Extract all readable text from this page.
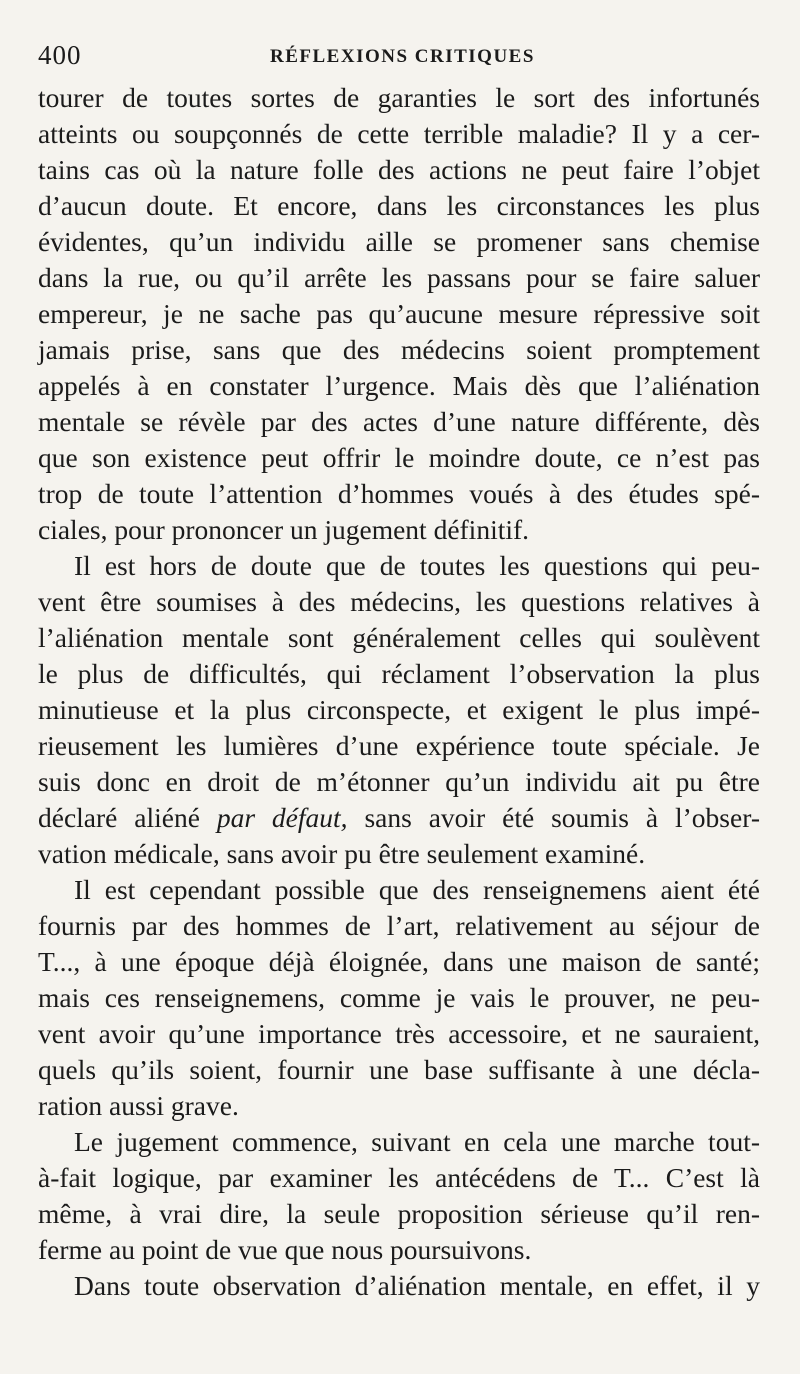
400	RÉFLEXIONS CRITIQUES
tourer de toutes sortes de garanties le sort des infortunés
atteints ou soupçonnés de cette terrible maladie? Il y a cer-
tains cas où la nature folle des actions ne peut faire l’objet
d’aucun doute. Et encore, dans les circonstances les plus
évidentes, qu’un individu aille se promener sans chemise
dans la rue, ou qu’il arrête les passans pour se faire saluer
empereur, je ne sache pas qu’aucune mesure répressive soit
jamais prise, sans que des médecins soient promptement
appelés à en constater l’urgence. Mais dès que l’aliénation
mentale se révèle par des actes d’une nature différente, dès
que son existence peut offrir le moindre doute, ce n’est pas
trop de toute l’attention d’hommes voués à des études spé-
ciales, pour prononcer un jugement définitif.
Il est hors de doute que de toutes les questions qui peu-
vent être soumises à des médecins, les questions relatives à
l’aliénation mentale sont généralement celles qui soulèvent
le plus de difficultés, qui réclament l’observation la plus
minutieuse et la plus circonspecte, et exigent le plus impé-
rieusement les lumières d’une expérience toute spéciale. Je
suis donc en droit de m’étonner qu’un individu ait pu être
déclaré aliéné par défaut, sans avoir été soumis à l’obser-
vation médicale, sans avoir pu être seulement examiné.
Il est cependant possible que des renseignemens aient été
fournis par des hommes de l’art, relativement au séjour de
T..., à une époque déjà éloignée, dans une maison de santé;
mais ces renseignemens, comme je vais le prouver, ne peu-
vent avoir qu’une importance très accessoire, et ne sauraient,
quels qu’ils soient, fournir une base suffisante à une décla-
ration aussi grave.
Le jugement commence, suivant en cela une marche tout-
à-fait logique, par examiner les antécédens de T... C’est là
même, à vrai dire, la seule proposition sérieuse qu’il ren-
ferme au point de vue que nous poursuivons.
Dans toute observation d’aliénation mentale, en effet, il y
